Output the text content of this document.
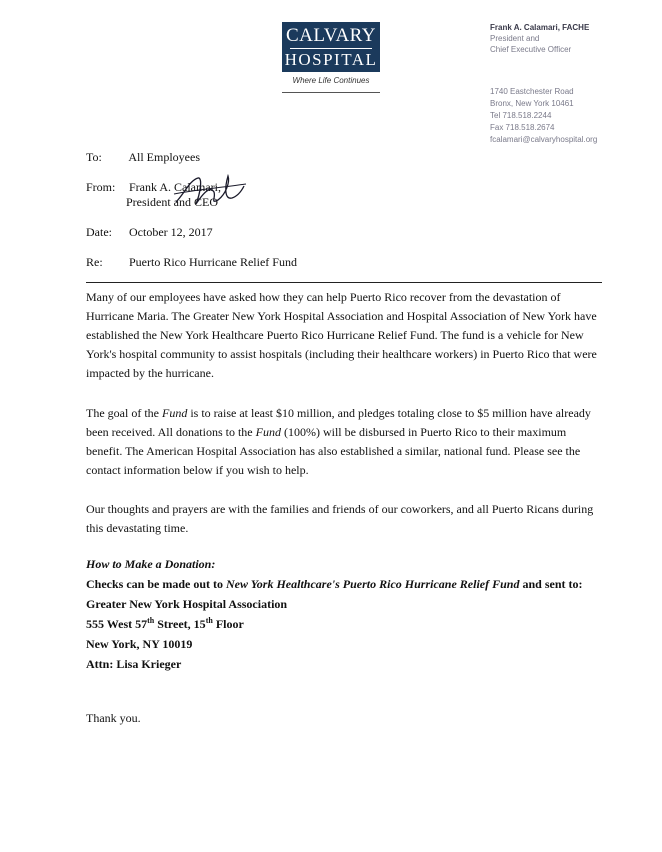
CALVARY
HOSPITAL
Where Life Continues
Frank A. Calamari, FACHE
President and
Chief Executive Officer
1740 Eastchester Road
Bronx, New York 10461
Tel 718.518.2244
Fax 718.518.2674
fcalamari@calvaryhospital.org
To: All Employees
From: Frank A. Calamari,
President and CEO
Date: October 12, 2017
Re: Puerto Rico Hurricane Relief Fund

Many of our employees have asked how they can help Puerto Rico recover from the devastation of Hurricane Maria. The Greater New York Hospital Association and Hospital Association of New York have established the New York Healthcare Puerto Rico Hurricane Relief Fund. The fund is a vehicle for New York's hospital community to assist hospitals (including their healthcare workers) in Puerto Rico that were impacted by the hurricane.

The goal of the Fund is to raise at least $10 million, and pledges totaling close to $5 million have already been received. All donations to the Fund (100%) will be disbursed in Puerto Rico to their maximum benefit. The American Hospital Association has also established a similar, national fund. Please see the contact information below if you wish to help.

Our thoughts and prayers are with the families and friends of our coworkers, and all Puerto Ricans during this devastating time.

How to Make a Donation:
Checks can be made out to New York Healthcare's Puerto Rico Hurricane Relief Fund and sent to:
Greater New York Hospital Association
555 West 57th Street, 15th Floor
New York, NY 10019
Attn: Lisa Krieger
Thank you.
